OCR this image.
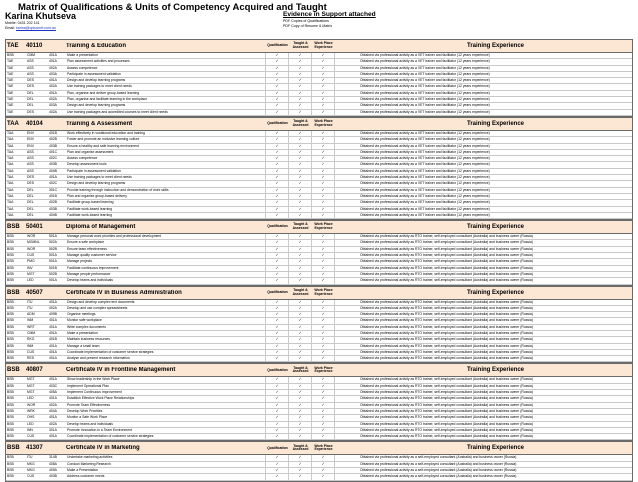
Matrix of Qualifications & Units of Competency Acquired and Taught
Karina Khutseva
Mobile: 0431 202 141
Email: karina@optusnet.com.au
Evidence in Support attached
PDF Copies of Qualifications
PDF Copy of Resume & Matrix
TAE	40110	Training & Education	Qualification	Taught & Assessed
Work Place Experience	Training Experience
BSB	CMM	401A	Make a presentation	✓	✓	✓	Obtained via professional activity as a VET trainer and facilitator (12 years experience)
TAE	ASS	401A	Plan assessment activities and processes	✓	✓	✓	Obtained via professional activity as a VET trainer and facilitator (12 years experience)
TAE	ASS	402A	Assess competence	✓	✓	✓	Obtained via professional activity as a VET trainer and facilitator (12 years experience)
TAE	ASS	403A	Participate in assessment validation	✓	✓	✓	Obtained via professional activity as a VET trainer and facilitator (12 years experience)
TAE	DES	401A	Design and develop learning programs	✓	✓	✓	Obtained via professional activity as a VET trainer and facilitator (12 years experience)
TAE	DES	402A	Use training packages to meet client needs	✓	✓	✓	Obtained via professional activity as a VET trainer and facilitator (12 years experience)
TAE	DEL	401A	Plan, organise and deliver group-based learning	✓	✓	✓	Obtained via professional activity as a VET trainer and facilitator (12 years experience)
TAE	DEL	402A	Plan, organise and facilitate learning in the workplace	✓	✓	✓	Obtained via professional activity as a VET trainer and facilitator (12 years experience)
TAE	DEL	403A	Design and develop learning programs	✓	✓	✓	Obtained via professional activity as a VET trainer and facilitator (12 years experience)
TAE	DES	402A	Use training packages and accredited courses to meet client needs	✓	✓	✓	Obtained via professional activity as a VET trainer and facilitator (12 years experience)
TAA	40104	Training & Assessment	Qualification	Taught & Assessed
Work Place Experience	Training Experience
TAA	ENV	401B	Work effectively in vocational education and training	✓	✓	✓	Obtained via professional activity as a VET trainer and facilitator (12 years experience)
TAA	ENV	402B	Foster and promote an inclusive learning culture	✓	✓	✓	Obtained via professional activity as a VET trainer and facilitator (12 years experience)
TAA	ENV	403B	Ensure a healthy and safe learning environment	✓	✓	✓	Obtained via professional activity as a VET trainer and facilitator (12 years experience)
TAA	ASS	401C	Plan and organise assessment	✓	✓	✓	Obtained via professional activity as a VET trainer and facilitator (12 years experience)
TAA	ASS	402C	Assess competence	✓	✓	✓	Obtained via professional activity as a VET trainer and facilitator (12 years experience)
TAA	ASS	403B	Develop assessment tools	✓	✓	✓	Obtained via professional activity as a VET trainer and facilitator (12 years experience)
TAA	ASS	404B	Participate in assessment validation	✓	✓	✓	Obtained via professional activity as a VET trainer and facilitator (12 years experience)
TAA	DES	401A	Use training packages to meet client needs	✓	✓	✓	Obtained via professional activity as a VET trainer and facilitator (12 years experience)
TAA	DES	402C	Design and develop learning programs	✓	✓	✓	Obtained via professional activity as a VET trainer and facilitator (12 years experience)
TAA	DEL	301C	Provide training through instruction and demonstration of work skills	✓	✓	✓	Obtained via professional activity as a VET trainer and facilitator (12 years experience)
TAA	DEL	401B	Plan and organise group-based delivery	✓	✓	✓	Obtained via professional activity as a VET trainer and facilitator (12 years experience)
TAA	DEL	402B	Facilitate group-based learning	✓	✓	✓	Obtained via professional activity as a VET trainer and facilitator (12 years experience)
TAA	DEL	403B	Facilitate work-based learning	✓	✓	✓	Obtained via professional activity as a VET trainer and facilitator (12 years experience)
TAA	DEL	404B	Facilitate work-based learning	✓	✓	✓	Obtained via professional activity as a VET trainer and facilitator (12 years experience)
BSB	50401	Diploma of Management	Qualification	Taught & Assessed
Work Place Experience	Training Experience
BSB	WOR	501A	Manage personal work priorities and professional development	✓	✓	✓	Obtained via professional activity as RTO trainer, self-employed consultant (Australia) and business owner (Russia)
BSB	MGMNL	502A	Ensure a safe workplace	✓	✓	✓	Obtained via professional activity as RTO trainer, self-employed consultant (Australia) and business owner (Russia)
BSB	WOR	502B	Ensure team effectiveness	✓	✓	✓	Obtained via professional activity as RTO trainer, self-employed consultant (Australia) and business owner (Russia)
BSB	CUS	501A	Manage quality customer service	✓	✓	✓	Obtained via professional activity as RTO trainer, self-employed consultant (Australia) and business owner (Russia)
BSB	PMG	501A	Manage projects	✓	✓	✓	Obtained via professional activity as RTO trainer, self-employed consultant (Australia) and business owner (Russia)
BSB	INV	501B	Facilitate continuous improvement	✓	✓	✓	Obtained via professional activity as RTO trainer, self-employed consultant (Australia) and business owner (Russia)
BSB	MGT	502B	Manage people performance	✓	✓	✓	Obtained via professional activity as RTO trainer, self-employed consultant (Australia) and business owner (Russia)
BSB	LED	501A	Develop teams and individuals	✓	✓	✓	Obtained via professional activity as RTO trainer, self-employed consultant (Australia) and business owner (Russia)
BSB	40507	Certificate IV in Business Administration	Qualification	Taught & Assessed
Work Place Experience	Training Experience
BSB	ITU	401A	Design and develop complex text documents	✓	✓	✓	Obtained via professional activity as RTO trainer, self-employed consultant (Australia) and business owner (Russia)
BSB	ITU	402A	Develop and use complex spreadsheets	✓	✓	✓	Obtained via professional activity as RTO trainer, self-employed consultant (Australia) and business owner (Russia)
BSB	ADM	409B	Organise meetings	✓	✓	✓	Obtained via professional activity as RTO trainer, self-employed consultant (Australia) and business owner (Russia)
BSB	INM	401A	Monitor safe workplace	✓	✓	✓	Obtained via professional activity as RTO trainer, self-employed consultant (Australia) and business owner (Russia)
BSB	WRT	401A	Write complex documents	✓	✓	✓	Obtained via professional activity as RTO trainer, self-employed consultant (Australia) and business owner (Russia)
BSB	CMM	401A	Make a presentation	✓	✓	✓	Obtained via professional activity as RTO trainer, self-employed consultant (Australia) and business owner (Russia)
BSB	RKG	401B	Maintain business resources	✓	✓	✓	Obtained via professional activity as RTO trainer, self-employed consultant (Australia) and business owner (Russia)
BSB	INM	401A	Manage a small team	✓	✓	✓	Obtained via professional activity as RTO trainer, self-employed consultant (Australia) and business owner (Russia)
BSB	CUS	401A	Coordinate implementation of customer service strategies	✓	✓	✓	Obtained via professional activity as RTO trainer, self-employed consultant (Australia) and business owner (Russia)
BSB	RES	401A	Analyse and present research information	✓	✓	✓	Obtained via professional activity as RTO trainer, self-employed consultant (Australia) and business owner (Russia)
BSB	40807	Certificate IV in Frontline Management	Qualification	Taught & Assessed
Work Place Experience	Training Experience
BSB	MGT	401A	Show leadership in the Work Place	✓	✓	✓	Obtained via professional activity as RTO trainer, self-employed consultant (Australia) and business owner (Russia)
BSB	MGT	403C	Implement Operational Plan	✓	✓	✓	Obtained via professional activity as RTO trainer, self-employed consultant (Australia) and business owner (Russia)
BSB	MGT	405A	Implement Continuous Improvement	✓	✓	✓	Obtained via professional activity as RTO trainer, self-employed consultant (Australia) and business owner (Russia)
BSB	LED	401A	Establish Effective Work Place Relationships	✓	✓	✓	Obtained via professional activity as RTO trainer, self-employed consultant (Australia) and business owner (Russia)
BSB	WOR	402A	Promote Team Effectiveness	✓	✓	✓	Obtained via professional activity as RTO trainer, self-employed consultant (Australia) and business owner (Russia)
BSB	WRK	404A	Develop Work Priorities	✓	✓	✓	Obtained via professional activity as RTO trainer, self-employed consultant (Australia) and business owner (Russia)
BSB	OHS	401A	Monitor a Safe Work Place	✓	✓	✓	Obtained via professional activity as RTO trainer, self-employed consultant (Australia) and business owner (Russia)
BSB	LED	402A	Develop teams and individuals	✓	✓	✓	Obtained via professional activity as RTO trainer, self-employed consultant (Australia) and business owner (Russia)
BSB	INN	301A	Promote Innovation in a Team Environment	✓	✓	✓	Obtained via professional activity as RTO trainer, self-employed consultant (Australia) and business owner (Russia)
BSB	CUS	401A	Coordinate implementation of customer service strategies	✓	✓	✓	Obtained via professional activity as RTO trainer, self-employed consultant (Australia) and business owner (Russia)
BSB	41307	Certificate IV in Marketing	Qualification	Taught & Assessed
Work Place Experience	Training Experience
BSB	ITU	314B	Undertake marketing activities	✓	✓	✓	Obtained via professional activity as a self-employed consultant (Australia) and business owner (Russia)
BSB	MKG	408A	Conduct Marketing Research	✓	✓	✓	Obtained via professional activity as a self-employed consultant (Australia) and business owner (Russia)
BSB	MKG	409A	Make a Presentation	✓	✓	✓	Obtained via professional activity as a self-employed consultant (Australia) and business owner (Russia)
BSB	CUS	403B	Address customer needs	✓	✓	✓	Obtained via professional activity as a self-employed consultant (Australia) and business owner (Russia)
